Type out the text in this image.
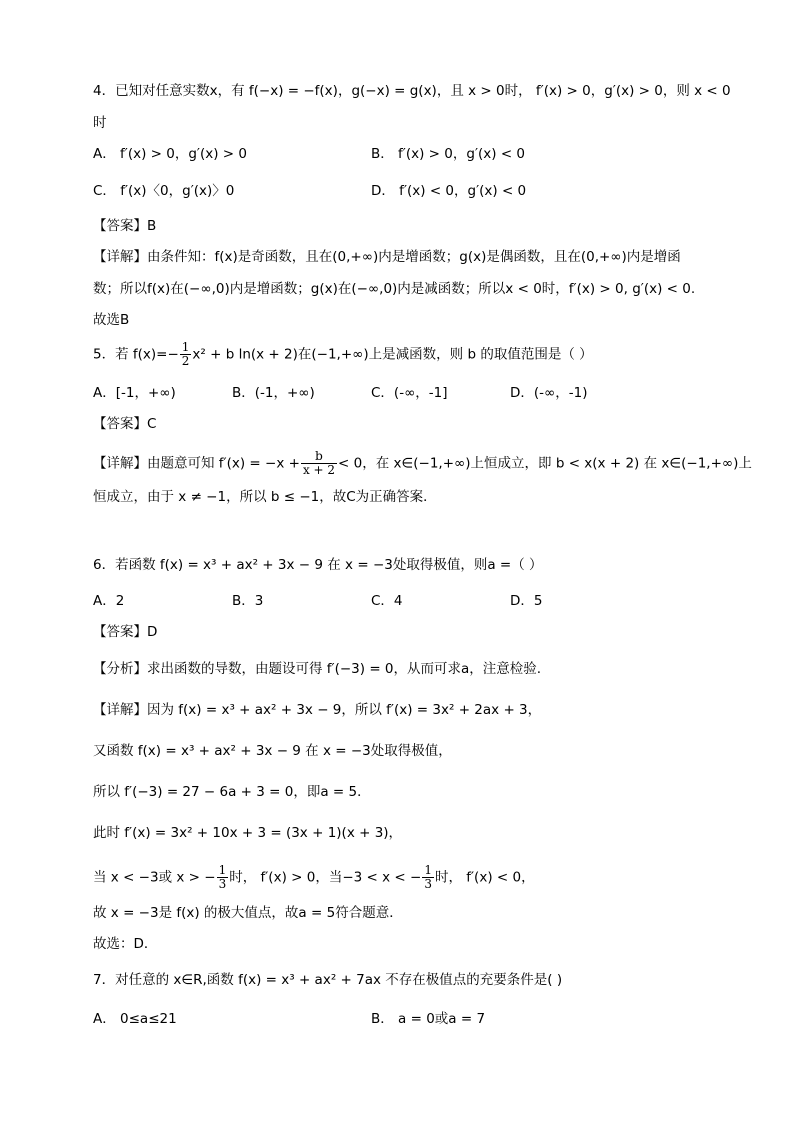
4．已知对任意实数x，有 f(−x) = −f(x)，g(−x) = g(x)，且 x > 0时， f′(x) > 0，g′(x) > 0，则 x < 0
时
A． f′(x) > 0，g′(x) > 0	B． f′(x) > 0，g′(x) < 0
C． f′(x)〈0，g′(x)〉0	D． f′(x) < 0，g′(x) < 0
【答案】B
【详解】由条件知：f(x)是奇函数，且在(0,+∞)内是增函数；g(x)是偶函数，且在(0,+∞)内是增函
数；所以f(x)在(−∞,0)内是增函数；g(x)在(−∞,0)内是减函数；所以x < 0时，f′(x) > 0, g′(x) < 0.
故选B
5．若 $f(x)=- \frac{1}{2} x^2 + b$ ln(x + 2)在(−1,+∞)上是减函数，则 b 的取值范围是（ ）
A．[-1，+∞)	B．(-1，+∞)	C．(-∞，-1]	D．(-∞，-1)
【答案】C
【详解】由题意可知 $f'(x) = -x + \frac{b}{x + 2} < 0$，在 x∈(−1,+∞)上恒成立，即 b < x(x + 2) 在 x∈(−1,+∞)上
恒成立，由于 x ≠ −1，所以 b ≤ −1，故C为正确答案．
6．若函数 f(x) = x³ + ax² + 3x − 9 在 x = −3处取得极值，则a =（ ）
A．2	B．3	C．4	D．5
【答案】D
【分析】求出函数的导数，由题设可得 f′(−3) = 0，从而可求a，注意检验.
【详解】因为 f(x) = x³ + ax² + 3x − 9，所以 f′(x) = 3x² + 2ax + 3，
又函数 f(x) = x³ + ax² + 3x − 9 在 x = −3处取得极值，
所以 f′(−3) = 27 − 6a + 3 = 0，即a = 5．
此时 f′(x) = 3x² + 10x + 3 = (3x + 1)(x + 3)，
当 x < −3或 x > − $\frac{1}{3}$ 时， f′(x) > 0，当−3 < x < − $\frac{1}{3}$ 时， f′(x) < 0，
故 x = −3是 f(x) 的极大值点，故a = 5符合题意．
故选：D．
7．对任意的 x∈R,函数 f(x) = x³ + ax² + 7ax 不存在极值点的充要条件是( )
A． 0≤a≤21	B． a = 0或a = 7
